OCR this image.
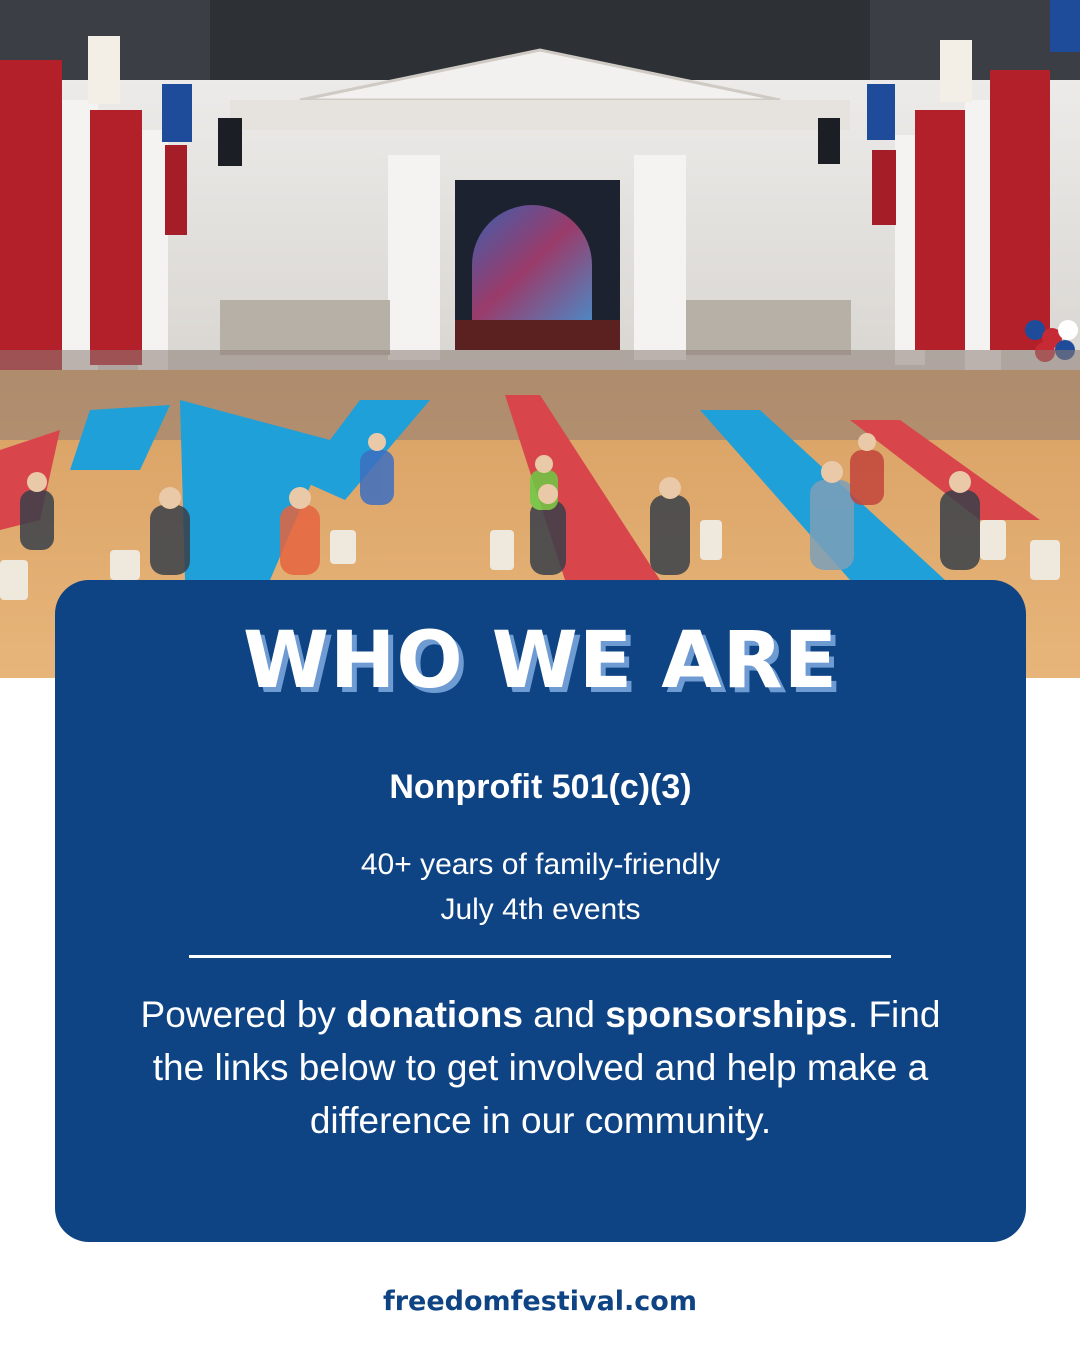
WHO WE ARE
Nonprofit 501(c)(3)
40+ years of family-friendly
July 4th events

Powered by donations and sponsorships. Find the links below to get involved and help make a difference in our community.

freedomfestival.com
